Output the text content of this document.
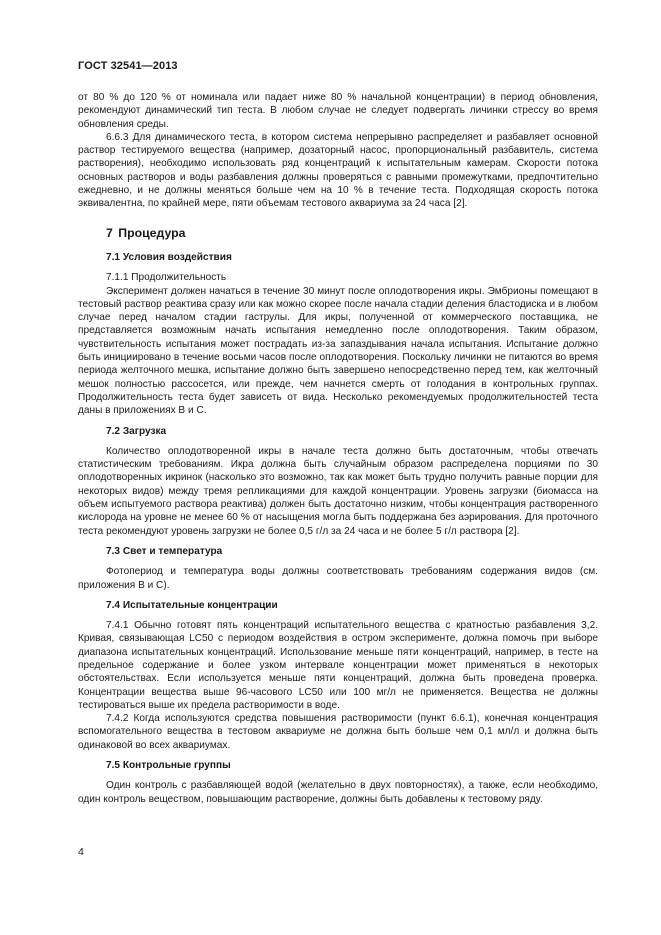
ГОСТ 32541—2013

от 80 % до 120 % от номинала или падает ниже 80 % начальной концентрации) в период обновления, рекомендуют динамический тип теста. В любом случае не следует подвергать личинки стрессу во время обновления среды.

6.6.3 Для динамического теста, в котором система непрерывно распределяет и разбавляет основной раствор тестируемого вещества (например, дозаторный насос, пропорциональный разбавитель, система растворения), необходимо использовать ряд концентраций к испытательным камерам. Скорости потока основных растворов и воды разбавления должны проверяться с равными промежутками, предпочтительно ежедневно, и не должны меняться больше чем на 10 % в течение теста. Подходящая скорость потока эквивалентна, по крайней мере, пяти объемам тестового аквариума за 24 часа [2].

7 Процедура
7.1 Условия воздействия
7.1.1 Продолжительность

Эксперимент должен начаться в течение 30 минут после оплодотворения икры. Эмбрионы помещают в тестовый раствор реактива сразу или как можно скорее после начала стадии деления бластодиска и в любом случае перед началом стадии гаструлы. Для икры, полученной от коммерческого поставщика, не представляется возможным начать испытания немедленно после оплодотворения. Таким образом, чувствительность испытания может пострадать из-за запаздывания начала испытания. Испытание должно быть инициировано в течение восьми часов после оплодотворения. Поскольку личинки не питаются во время периода желточного мешка, испытание должно быть завершено непосредственно перед тем, как желточный мешок полностью рассосется, или прежде, чем начнется смерть от голодания в контрольных группах. Продолжительность теста будет зависеть от вида. Несколько рекомендуемых продолжительностей теста даны в приложениях В и С.

7.2 Загрузка

Количество оплодотворенной икры в начале теста должно быть достаточным, чтобы отвечать статистическим требованиям. Икра должна быть случайным образом распределена порциями по 30 оплодотворенных икринок (насколько это возможно, так как может быть трудно получить равные порции для некоторых видов) между тремя репликациями для каждой концентрации. Уровень загрузки (биомасса на объем испытуемого раствора реактива) должен быть достаточно низким, чтобы концентрация растворенного кислорода на уровне не менее 60 % от насыщения могла быть поддержана без аэрирования. Для проточного теста рекомендуют уровень загрузки не более 0,5 г/л за 24 часа и не более 5 г/л раствора [2].

7.3 Свет и температура

Фотопериод и температура воды должны соответствовать требованиям содержания видов (см. приложения В и С).

7.4 Испытательные концентрации

7.4.1 Обычно готовят пять концентраций испытательного вещества с кратностью разбавления 3,2. Кривая, связывающая LC50 с периодом воздействия в остром эксперименте, должна помочь при выборе диапазона испытательных концентраций. Использование меньше пяти концентраций, например, в тесте на предельное содержание и более узком интервале концентрации может применяться в некоторых обстоятельствах. Если используется меньше пяти концентраций, должна быть проведена проверка. Концентрации вещества выше 96-часового LC50 или 100 мг/л не применяется. Вещества не должны тестироваться выше их предела растворимости в воде.

7.4.2 Когда используются средства повышения растворимости (пункт 6.6.1), конечная концентрация вспомогательного вещества в тестовом аквариуме не должна быть больше чем 0,1 мл/л и должна быть одинаковой во всех аквариумах.

7.5 Контрольные группы

Один контроль с разбавляющей водой (желательно в двух повторностях), а также, если необходимо, один контроль веществом, повышающим растворение, должны быть добавлены к тестовому ряду.

4
